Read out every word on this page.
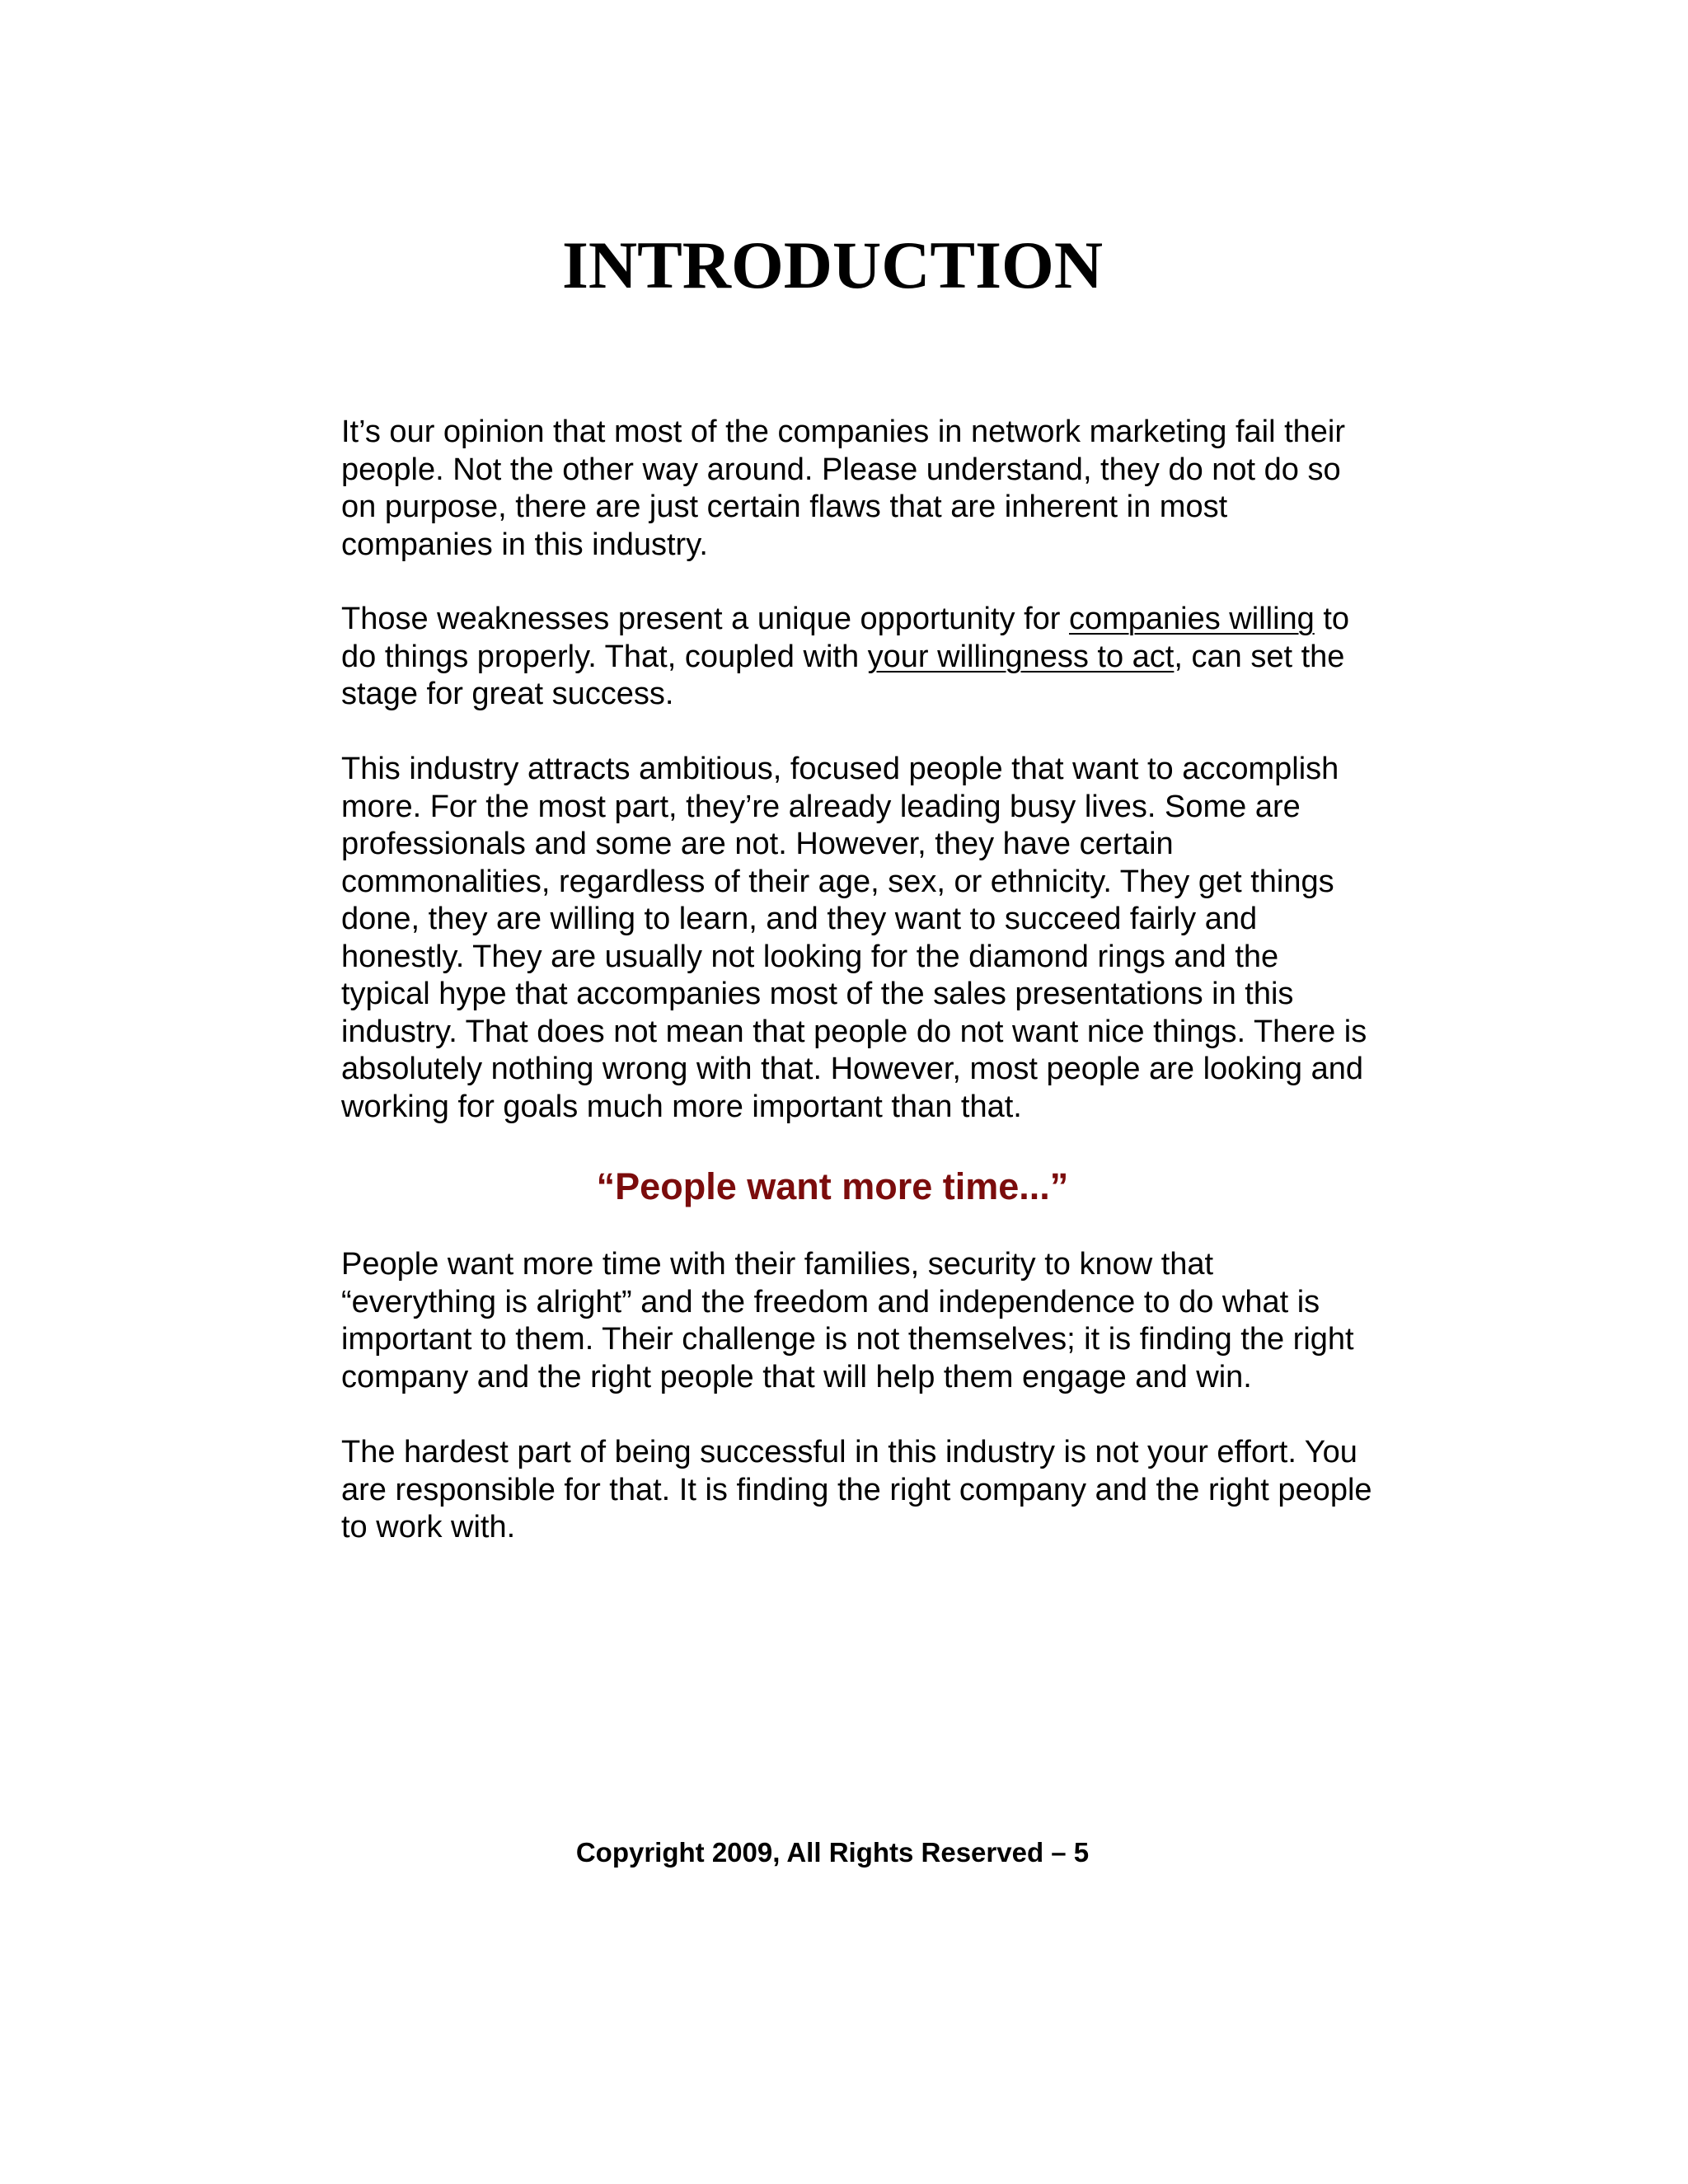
INTRODUCTION

It’s our opinion that most of the companies in network marketing fail their
people. Not the other way around. Please understand, they do not do so
on purpose, there are just certain flaws that are inherent in most
companies in this industry.

Those weaknesses present a unique opportunity for companies willing to
do things properly. That, coupled with your willingness to act, can set the
stage for great success.

This industry attracts ambitious, focused people that want to accomplish
more. For the most part, they’re already leading busy lives. Some are
professionals and some are not. However, they have certain
commonalities, regardless of their age, sex, or ethnicity. They get things
done, they are willing to learn, and they want to succeed fairly and
honestly. They are usually not looking for the diamond rings and the
typical hype that accompanies most of the sales presentations in this
industry. That does not mean that people do not want nice things. There is
absolutely nothing wrong with that. However, most people are looking and
working for goals much more important than that.

“People want more time...”

People want more time with their families, security to know that
“everything is alright” and the freedom and independence to do what is
important to them. Their challenge is not themselves; it is finding the right
company and the right people that will help them engage and win.

The hardest part of being successful in this industry is not your effort. You
are responsible for that. It is finding the right company and the right people
to work with.

Copyright 2009, All Rights Reserved – 5
